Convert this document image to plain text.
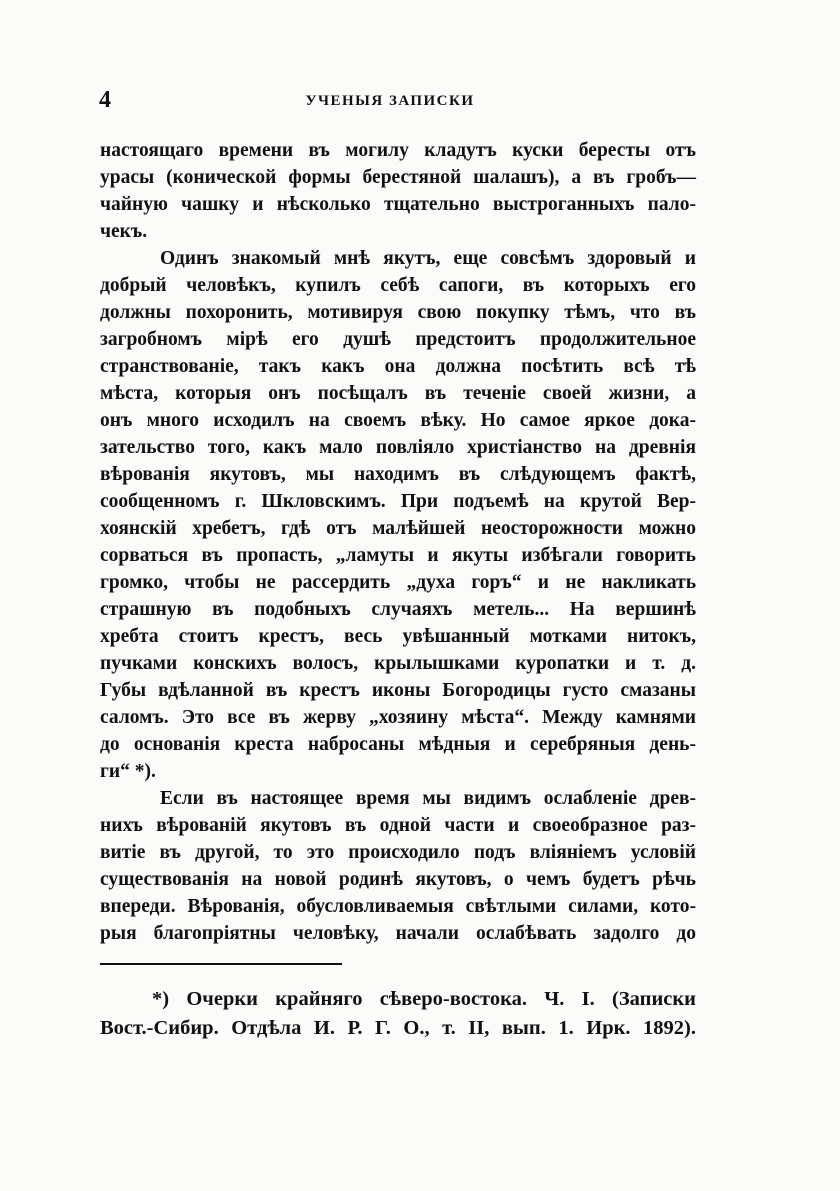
4	УЧЕНЫЯ ЗАПИСКИ
настоящаго времени въ могилу кладутъ куски бересты отъ
урасы (конической формы берестяной шалашъ), а въ гробъ—
чайную чашку и нѣсколько тщательно выстроганныхъ пало-
чекъ.
Одинъ знакомый мнѣ якутъ, еще совсѣмъ здоровый и
добрый человѣкъ, купилъ себѣ сапоги, въ которыхъ его
должны похоронить, мотивируя свою покупку тѣмъ, что въ
загробномъ мірѣ его душѣ предстоитъ продолжительное
странствованіе, такъ какъ она должна посѣтить всѣ тѣ
мѣста, которыя онъ посѣщалъ въ теченіе своей жизни, а
онъ много исходилъ на своемъ вѣку. Но самое яркое дока-
зательство того, какъ мало повліяло христіанство на древнія
вѣрованія якутовъ, мы находимъ въ слѣдующемъ фактѣ,
сообщенномъ г. Шкловскимъ. При подъемѣ на крутой Вер-
хоянскій хребетъ, гдѣ отъ малѣйшей неосторожности можно
сорваться въ пропасть, „ламуты и якуты избѣгали говорить
громко, чтобы не рассердить „духа горъ“ и не накликать
страшную въ подобныхъ случаяхъ метель... На вершинѣ
хребта стоитъ крестъ, весь увѣшанный мотками нитокъ,
пучками конскихъ волосъ, крылышками куропатки и т. д.
Губы вдѣланной въ крестъ иконы Богородицы густо смазаны
саломъ. Это все въ жерву „хозяину мѣста“. Между камнями
до основанія креста набросаны мѣдныя и серебряныя день-
ги“ *).
Если въ настоящее время мы видимъ ослабленіе древ-
нихъ вѣрованій якутовъ въ одной части и своеобразное раз-
витіе въ другой, то это происходило подъ вліяніемъ условій
существованія на новой родинѣ якутовъ, о чемъ будетъ рѣчь
впереди. Вѣрованія, обусловливаемыя свѣтлыми силами, кото-
рыя благопріятны человѣку, начали ослабѣвать задолго до
*) Очерки крайняго сѣверо-востока. Ч. I. (Записки
Вост.-Сибир. Отдѣла И. Р. Г. О., т. II, вып. 1. Ирк. 1892).
